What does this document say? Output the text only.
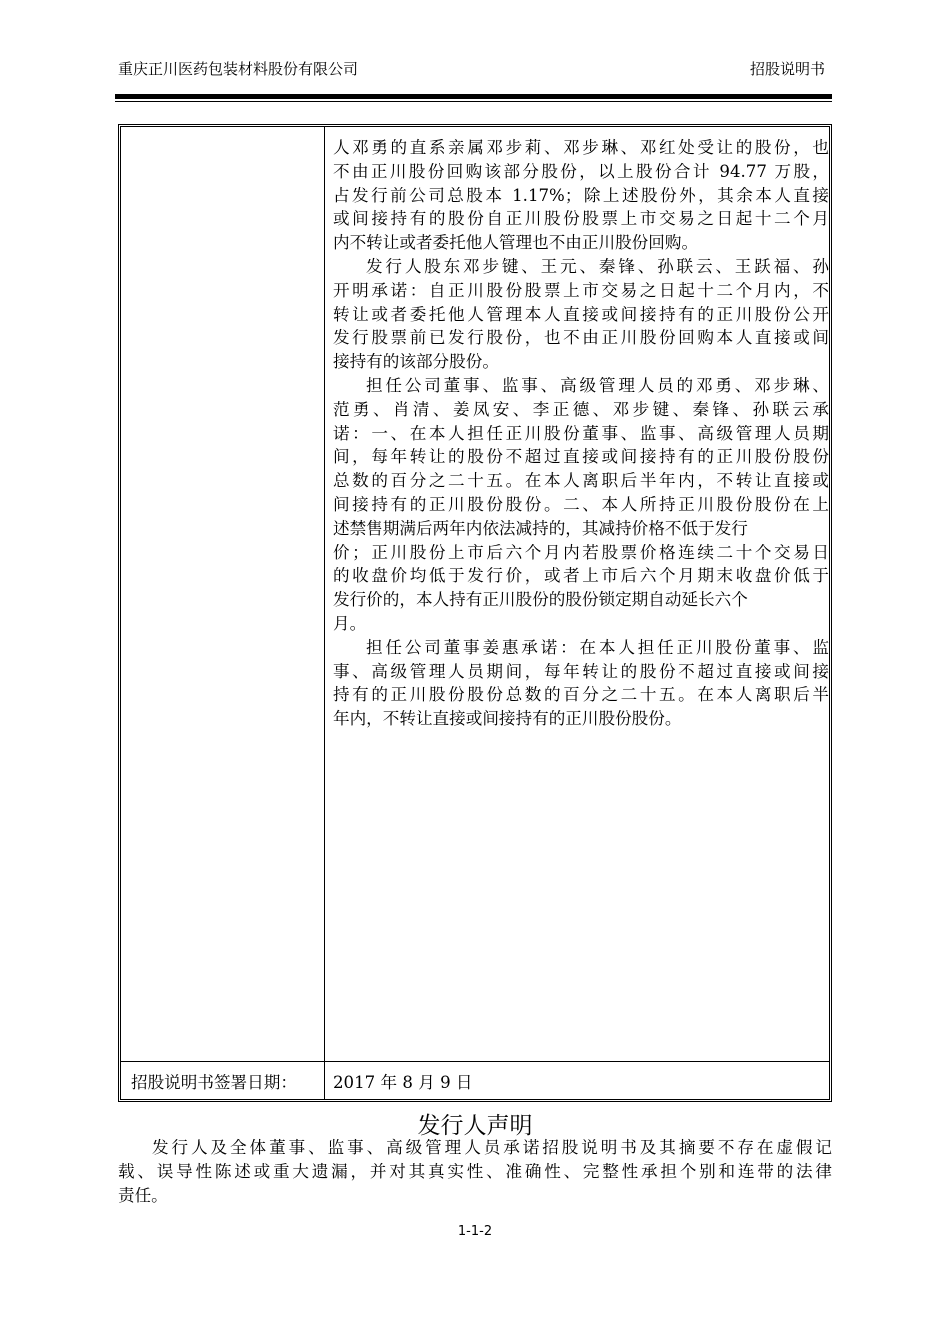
重庆正川医药包装材料股份有限公司	招股说明书
人邓勇的直系亲属邓步莉、邓步琳、邓红处受让的股份，也
不由正川股份回购该部分股份，以上股份合计 94.77 万股，
占发行前公司总股本 1.17%；除上述股份外，其余本人直接
或间接持有的股份自正川股份股票上市交易之日起十二个月
内不转让或者委托他人管理也不由正川股份回购。
发行人股东邓步键、王元、秦锋、孙联云、王跃福、孙
开明承诺：自正川股份股票上市交易之日起十二个月内，不
转让或者委托他人管理本人直接或间接持有的正川股份公开
发行股票前已发行股份，也不由正川股份回购本人直接或间
接持有的该部分股份。
担任公司董事、监事、高级管理人员的邓勇、邓步琳、
范勇、肖清、姜凤安、李正德、邓步键、秦锋、孙联云承
诺：一、在本人担任正川股份董事、监事、高级管理人员期
间，每年转让的股份不超过直接或间接持有的正川股份股份
总数的百分之二十五。在本人离职后半年内，不转让直接或
间接持有的正川股份股份。二、本人所持正川股份股份在上
述禁售期满后两年内依法减持的，其减持价格不低于发行
价；正川股份上市后六个月内若股票价格连续二十个交易日
的收盘价均低于发行价，或者上市后六个月期末收盘价低于
发行价的，本人持有正川股份的股份锁定期自动延长六个
月。
担任公司董事姜惠承诺：在本人担任正川股份董事、监
事、高级管理人员期间，每年转让的股份不超过直接或间接
持有的正川股份股份总数的百分之二十五。在本人离职后半
年内，不转让直接或间接持有的正川股份股份。
招股说明书签署日期： 2017 年 8 月 9 日
发行人声明
发行人及全体董事、监事、高级管理人员承诺招股说明书及其摘要不存在虚假记
载、误导性陈述或重大遗漏，并对其真实性、准确性、完整性承担个别和连带的法律
责任。
1-1-2
